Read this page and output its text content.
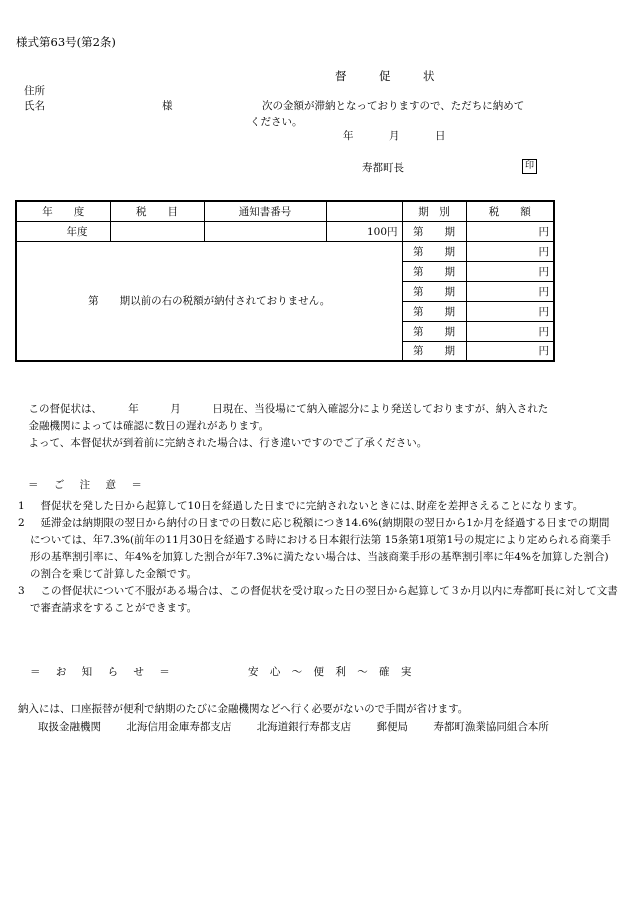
様式第63号(第2条)
督	促	状
住所
氏名	様	次の金額が滞納となっておりますので、ただちに納めて
ください。
年	月	日
寿都町長	印
年　　度	税　　目	通知書番号		期　別	税　　額
年度			100円	第　　期	円
第　　期以前の右の税額が納付されておりません。				第　　期	円
				第　　期	円
				第　　期	円
				第　　期	円
				第　　期	円
				第　　期	円
　この督促状は、　　　年　　　月　　　日現在、当役場にて納入確認分により発送しておりますが、納入された
　金融機関によっては確認に数日の遅れがあります。
　よって、本督促状が到着前に完納された場合は、行き違いですのでご了承ください。
＝ ご 注 意 ＝
1 　督促状を発した日から起算して10日を経過した日までに完納されないときには､財産を差押さえることになります。
2 　延滞金は納期限の翌日から納付の日までの日数に応じ税額につき14.6%(納期限の翌日から1か月を経過する日までの期間については、年7.3%(前年の11月30日を経過する時における日本銀行法第 15条第1項第1号の規定により定められる商業手形の基準割引率に、年4%を加算した割合が年7.3%に満たない場合は、当該商業手形の基準割引率に年4%を加算した割合)の割合を乗じて計算した金額です。
3 　この督促状について不服がある場合は、この督促状を受け取った日の翌日から起算して３か月以内に寿都町長に対して文書で審査請求をすることができます。
＝ お 知 ら せ ＝	安 心 ～ 便 利 ～ 確 実
納入には、口座振替が便利で納期のたびに金融機関などへ行く必要がないので手間が省けます。
取扱金融機関 北海信用金庫寿都支店 北海道銀行寿都支店 郵便局 寿都町漁業協同組合本所
